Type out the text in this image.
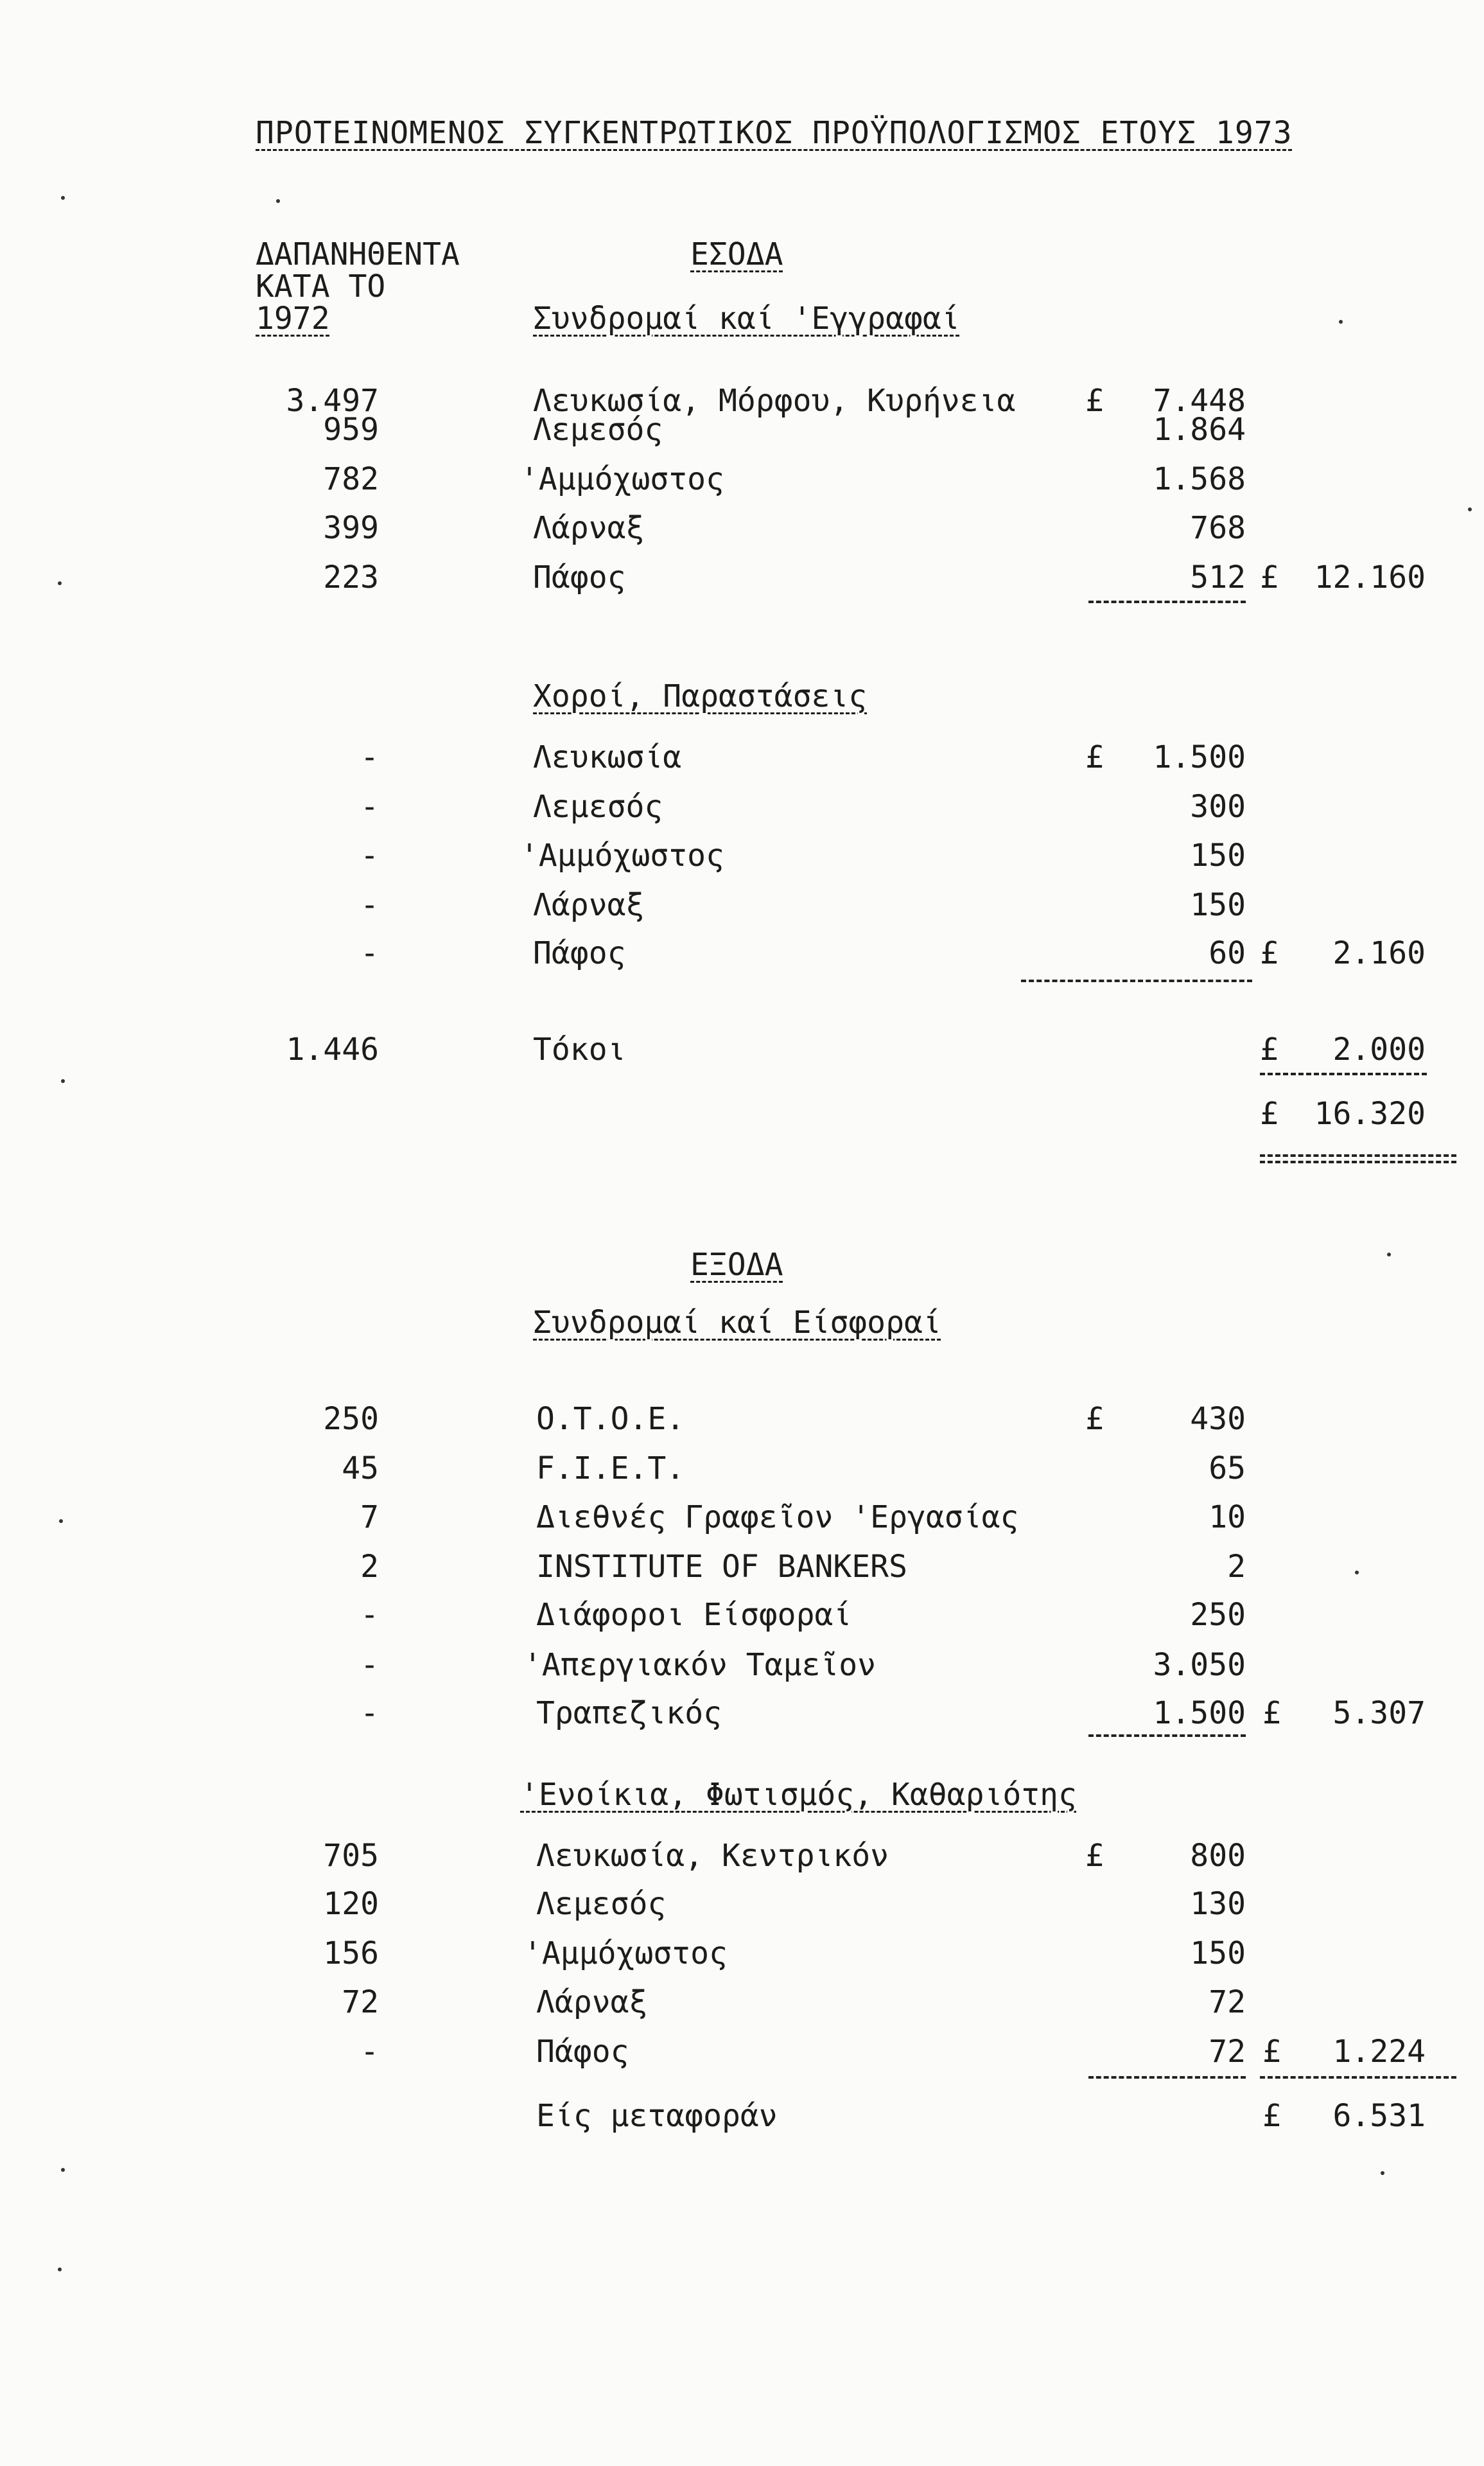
ΠΡΟΤΕΙΝΟΜΕΝΟΣ ΣΥΓΚΕΝΤΡΩΤΙΚΟΣ ΠΡΟΫΠΟΛΟΓΙΣΜΟΣ ΕΤΟΥΣ 1973
ΔΑΠΑΝΗΘΕΝΤΑ
ΚΑΤΑ ΤΟ
1972
ΕΣΟΔΑ
Συνδρομαί καί 'Εγγραφαί
3.497	Λευκωσία, Μόρφου, Κυρήνεια £	7.448
959	Λεμεσός	1.864
782	'Αμμόχωστος	1.568
399	Λάρναξ	768
223	Πάφος	512 £	12.160
Χοροί, Παραστάσεις
-	Λευκωσία	£	1.500
-	Λεμεσός	300
-	'Αμμόχωστος	150
-	Λάρναξ	150
-	Πάφος	60 £	2.160
1.446	Τόκοι	£	2.000
£	16.320
ΕΞΟΔΑ
Συνδρομαί καί Είσφοραί
250	O.T.O.E.	£	430
45	F.I.E.T.	65
7	Διεθνές Γραφεῖον 'Εργασίας	10
2	INSTITUTE OF BANKERS	2
-	Διάφοροι Είσφοραί	250
-	'Απεργιακόν Ταμεῖον	3.050
-	Τραπεζικός	1.500 £	5.307
'Ενοίκια, Φωτισμός, Καθαριότης
705	Λευκωσία, Κεντρικόν	£	800
120	Λεμεσός	130
156	'Αμμόχωστος	150
72	Λάρναξ	72
-	Πάφος	72 £	1.224
Είς μεταφοράν	£	6.531
